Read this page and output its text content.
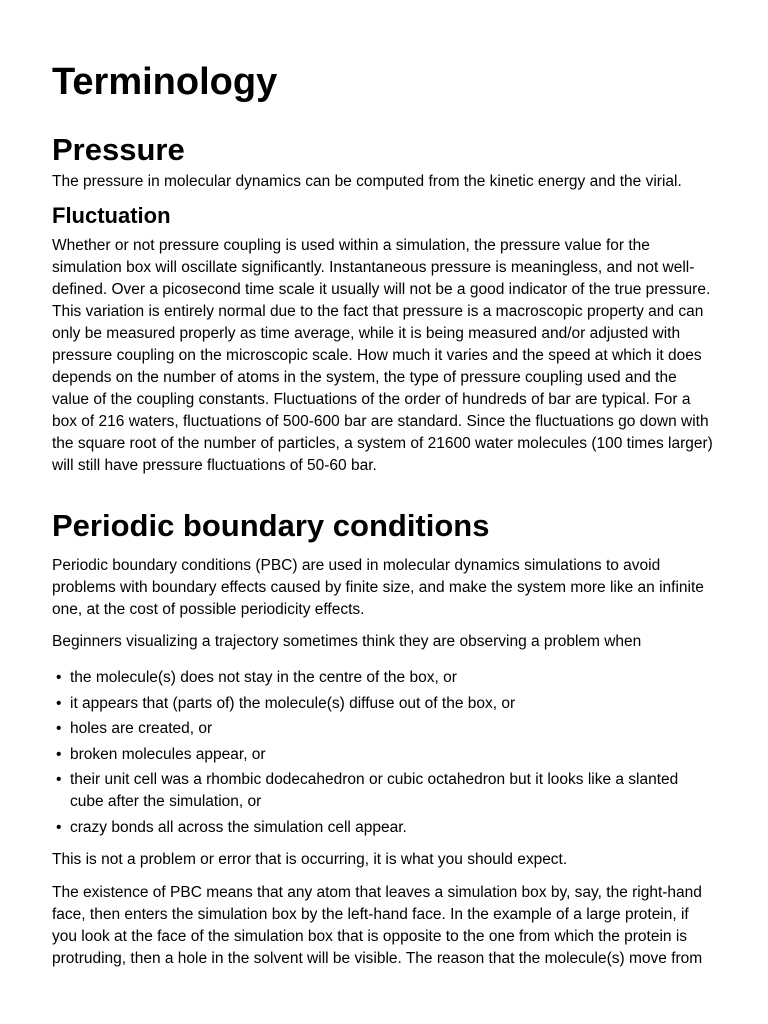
Terminology
Pressure

The pressure in molecular dynamics can be computed from the kinetic energy and the virial.

Fluctuation

Whether or not pressure coupling is used within a simulation, the pressure value for the
simulation box will oscillate significantly. Instantaneous pressure is meaningless, and not well-
defined. Over a picosecond time scale it usually will not be a good indicator of the true pressure.
This variation is entirely normal due to the fact that pressure is a macroscopic property and can
only be measured properly as time average, while it is being measured and/or adjusted with
pressure coupling on the microscopic scale. How much it varies and the speed at which it does
depends on the number of atoms in the system, the type of pressure coupling used and the
value of the coupling constants. Fluctuations of the order of hundreds of bar are typical. For a
box of 216 waters, fluctuations of 500-600 bar are standard. Since the fluctuations go down with
the square root of the number of particles, a system of 21600 water molecules (100 times larger)
will still have pressure fluctuations of 50-60 bar.

Periodic boundary conditions

Periodic boundary conditions (PBC) are used in molecular dynamics simulations to avoid
problems with boundary effects caused by finite size, and make the system more like an infinite
one, at the cost of possible periodicity effects.

Beginners visualizing a trajectory sometimes think they are observing a problem when

• the molecule(s) does not stay in the centre of the box, or
• it appears that (parts of) the molecule(s) diffuse out of the box, or
• holes are created, or
• broken molecules appear, or
• their unit cell was a rhombic dodecahedron or cubic octahedron but it looks like a slanted cube after the simulation, or
• crazy bonds all across the simulation cell appear.

This is not a problem or error that is occurring, it is what you should expect.

The existence of PBC means that any atom that leaves a simulation box by, say, the right-hand
face, then enters the simulation box by the left-hand face. In the example of a large protein, if
you look at the face of the simulation box that is opposite to the one from which the protein is
protruding, then a hole in the solvent will be visible. The reason that the molecule(s) move from
